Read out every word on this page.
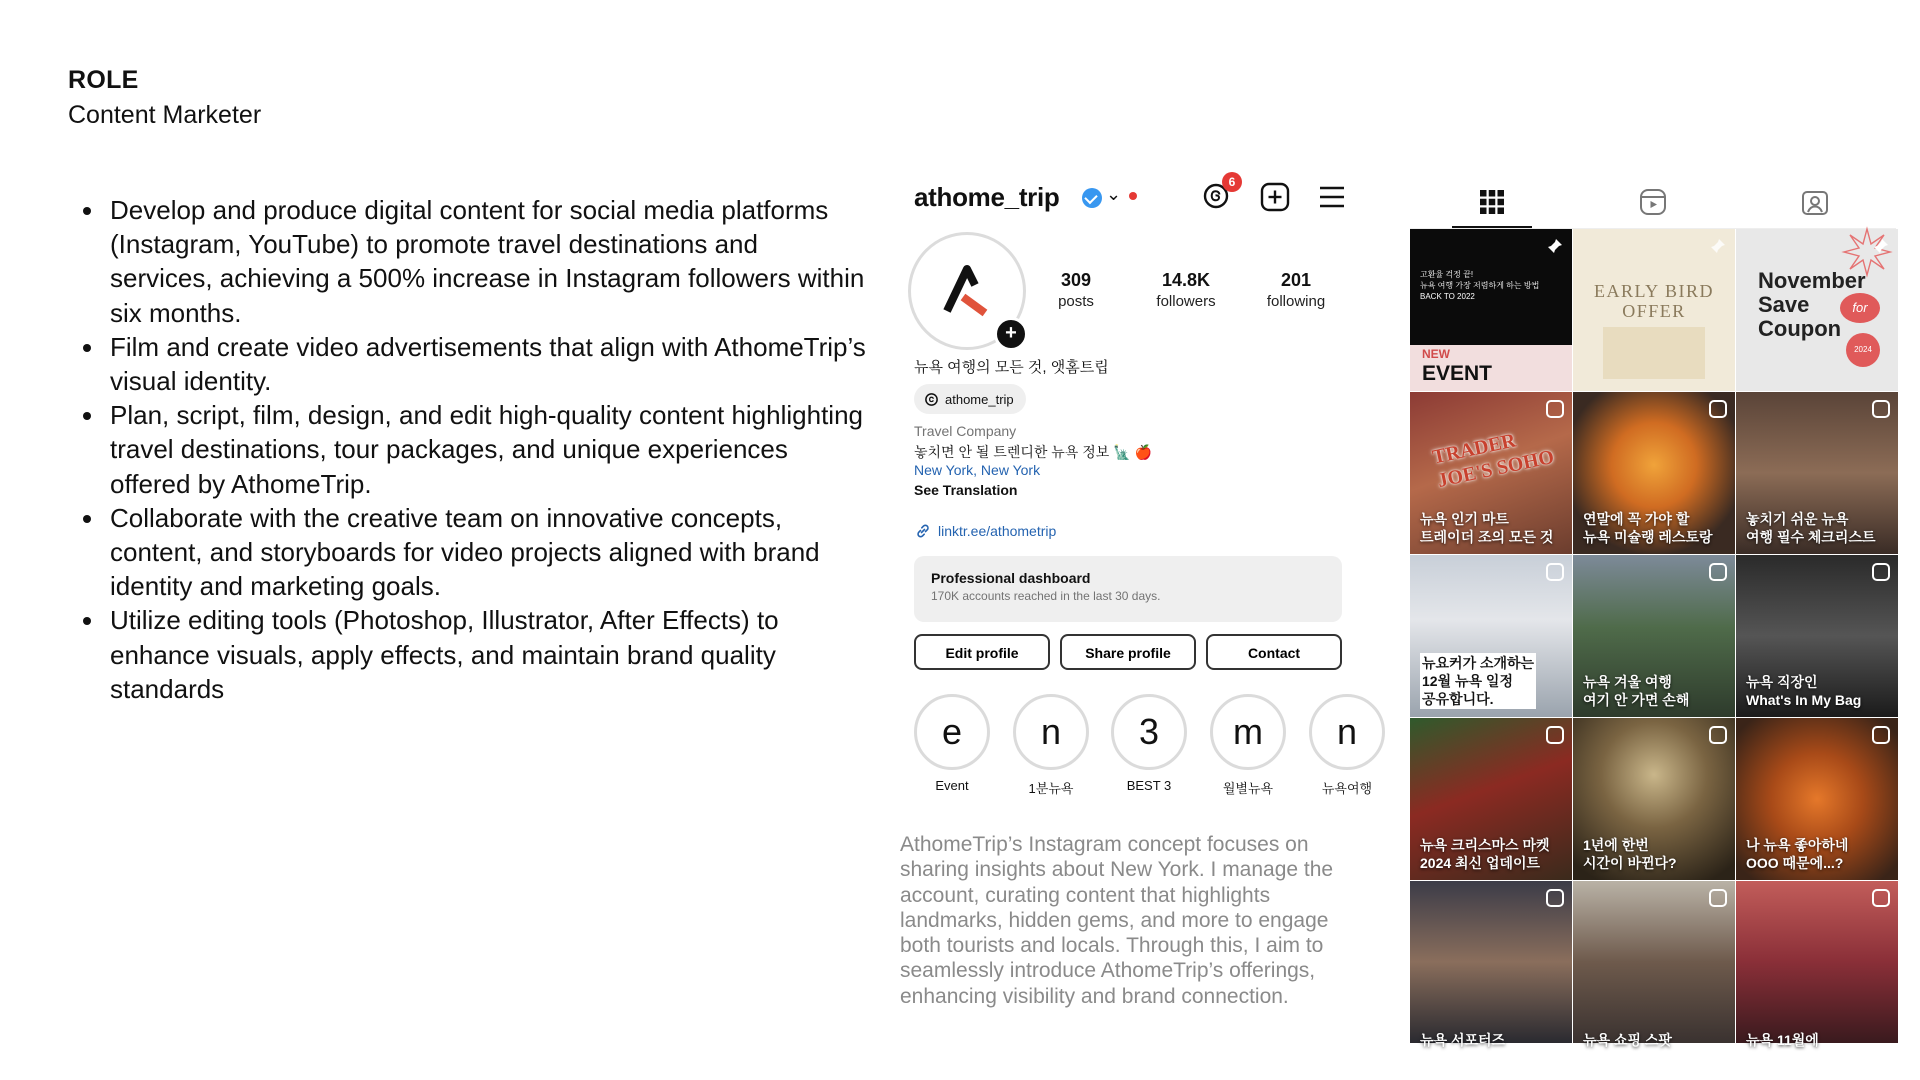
ROLE
Content Marketer
• Develop and produce digital content for social media platforms (Instagram, YouTube) to promote travel destinations and services, achieving a 500% increase in Instagram followers within six months.
• Film and create video advertisements that align with AthomeTrip’s visual identity.
• Plan, script, film, design, and edit high-quality content highlighting travel destinations, tour packages, and unique experiences offered by AthomeTrip.
• Collaborate with the creative team on innovative concepts, content, and storyboards for video projects aligned with brand identity and marketing goals.
• Utilize editing tools (Photoshop, Illustrator, After Effects) to enhance visuals, apply effects, and maintain brand quality standards
athome_trip	⌄
6
+
309
posts
14.8K
followers
201
following
뉴욕 여행의 모든 것, 앳홈트립
athome_trip
Travel Company
놓치면 안 될 트렌디한 뉴욕 정보 🗽 🍎
New York, New York
See Translation
linktr.ee/athometrip
Professional dashboard
170K accounts reached in the last 30 days.
Edit profile	Share profile	Contact
e
Event
n
1분뉴욕
3
BEST 3
m
월별뉴욕
n
뉴욕여행
AthomeTrip’s Instagram concept focuses on sharing insights about New York. I manage the account, curating content that highlights landmarks, hidden gems, and more to engage both tourists and locals. Through this, I aim to seamlessly introduce AthomeTrip’s offerings, enhancing visibility and brand connection.
고환율 걱정 끝!
뉴욕 여행 가장 저렴하게 하는 방법
BACK TO 2022
NEW
EVENT
EARLY BIRD
OFFER
November
Save
Coupon
for
2024
TRADER JOE'S SOHO
뉴욕 인기 마트
트레이더 조의 모든 것
연말에 꼭 가야 할
뉴욕 미슐랭 레스토랑
놓치기 쉬운 뉴욕
여행 필수 체크리스트
뉴요커가 소개하는
12월 뉴욕 일정
공유합니다.
뉴욕 겨울 여행
여기 안 가면 손해
뉴욕 직장인
What's In My Bag
뉴욕 크리스마스 마켓
2024 최신 업데이트
1년에 한번
시간이 바뀐다?
나 뉴욕 좋아하네
OOO 때문에...?
뉴욕 서포터즈	뉴욕 쇼핑 스팟	뉴욕 11월에
